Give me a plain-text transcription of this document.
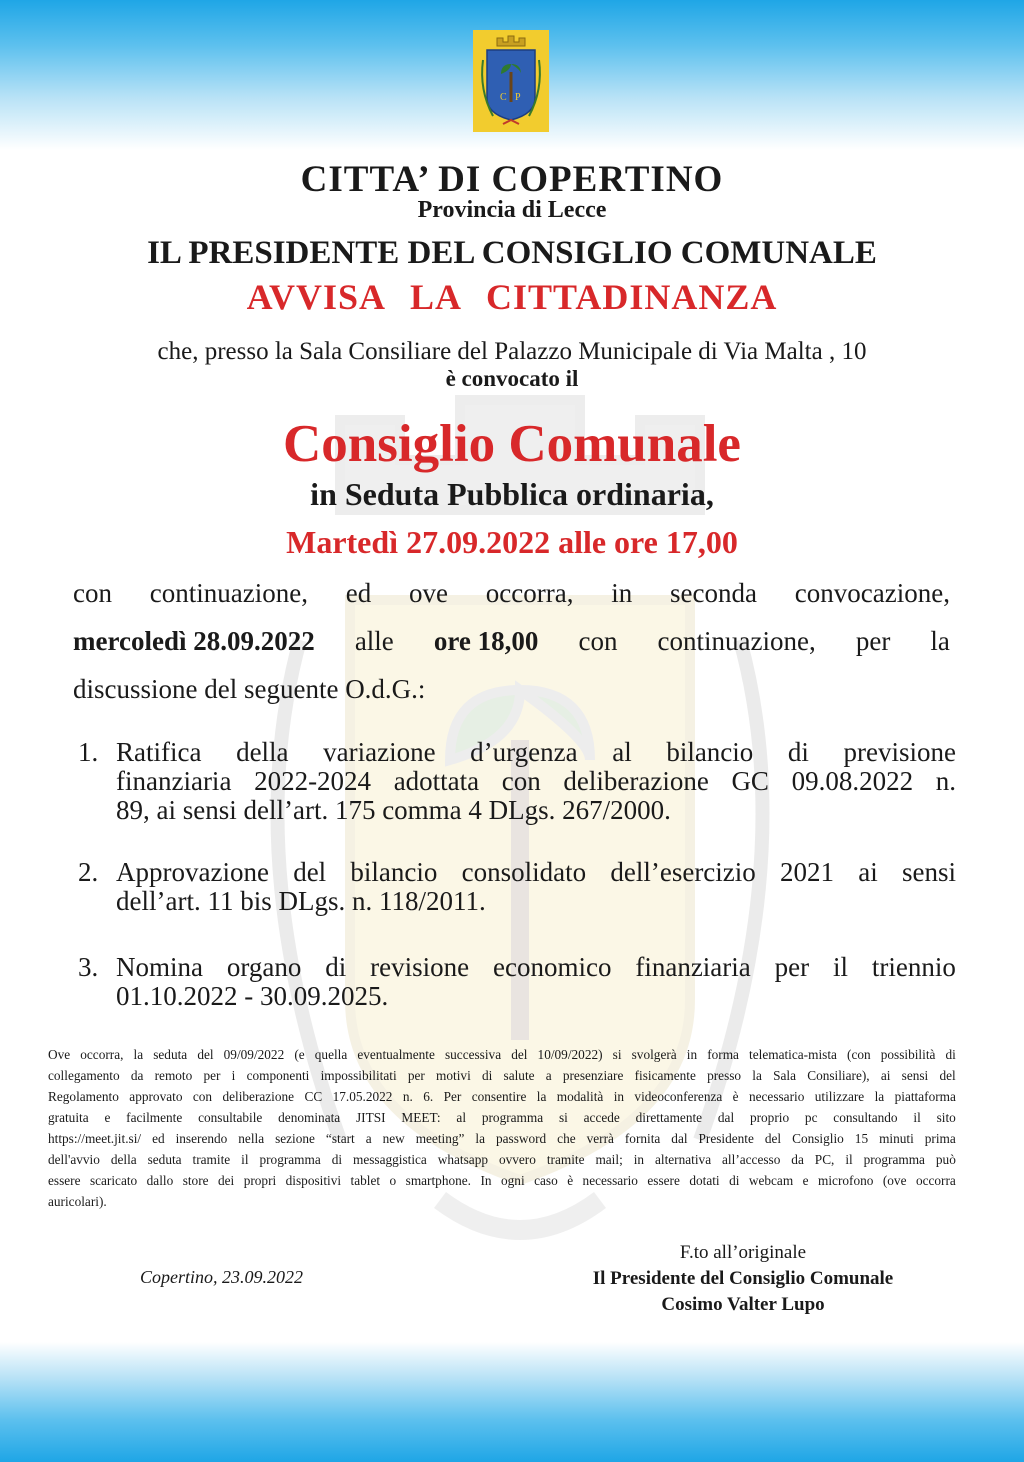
C P
CITTA’ DI COPERTINO
Provincia di Lecce
IL PRESIDENTE DEL CONSIGLIO COMUNALE
AVVISA LA CITTADINANZA
che, presso la Sala Consiliare del Palazzo Municipale di Via Malta , 10
è convocato il
Consiglio Comunale
in Seduta Pubblica ordinaria,
Martedì 27.09.2022 alle ore 17,00
con continuazione, ed ove occorra, in seconda convocazione,
mercoledì 28.09.2022 alle ore 18,00 con continuazione, per la
discussione del seguente O.d.G.:
1. Ratifica della variazione d’urgenza al bilancio di previsione
finanziaria 2022-2024 adottata con deliberazione GC 09.08.2022 n.
89, ai sensi dell’art. 175 comma 4 DLgs. 267/2000.
2. Approvazione del bilancio consolidato dell’esercizio 2021 ai sensi
dell’art. 11 bis DLgs. n. 118/2011.
3. Nomina organo di revisione economico finanziaria per il triennio
01.10.2022 - 30.09.2025.
Ove occorra, la seduta del 09/09/2022 (e quella eventualmente successiva del 10/09/2022) si svolgerà in forma telematica-mista (con possibilità di
collegamento da remoto per i componenti impossibilitati per motivi di salute a presenziare fisicamente presso la Sala Consiliare), ai sensi del
Regolamento approvato con deliberazione CC 17.05.2022 n. 6. Per consentire la modalità in videoconferenza è necessario utilizzare la piattaforma
gratuita e facilmente consultabile denominata JITSI MEET: al programma si accede direttamente dal proprio pc consultando il sito
https://meet.jit.si/ ed inserendo nella sezione “start a new meeting” la password che verrà fornita dal Presidente del Consiglio 15 minuti prima
dell'avvio della seduta tramite il programma di messaggistica whatsapp ovvero tramite mail; in alternativa all’accesso da PC, il programma può
essere scaricato dallo store dei propri dispositivi tablet o smartphone. In ogni caso è necessario essere dotati di webcam e microfono (ove occorra
auricolari).
Copertino, 23.09.2022
F.to all’originale
Il Presidente del Consiglio Comunale
Cosimo Valter Lupo
